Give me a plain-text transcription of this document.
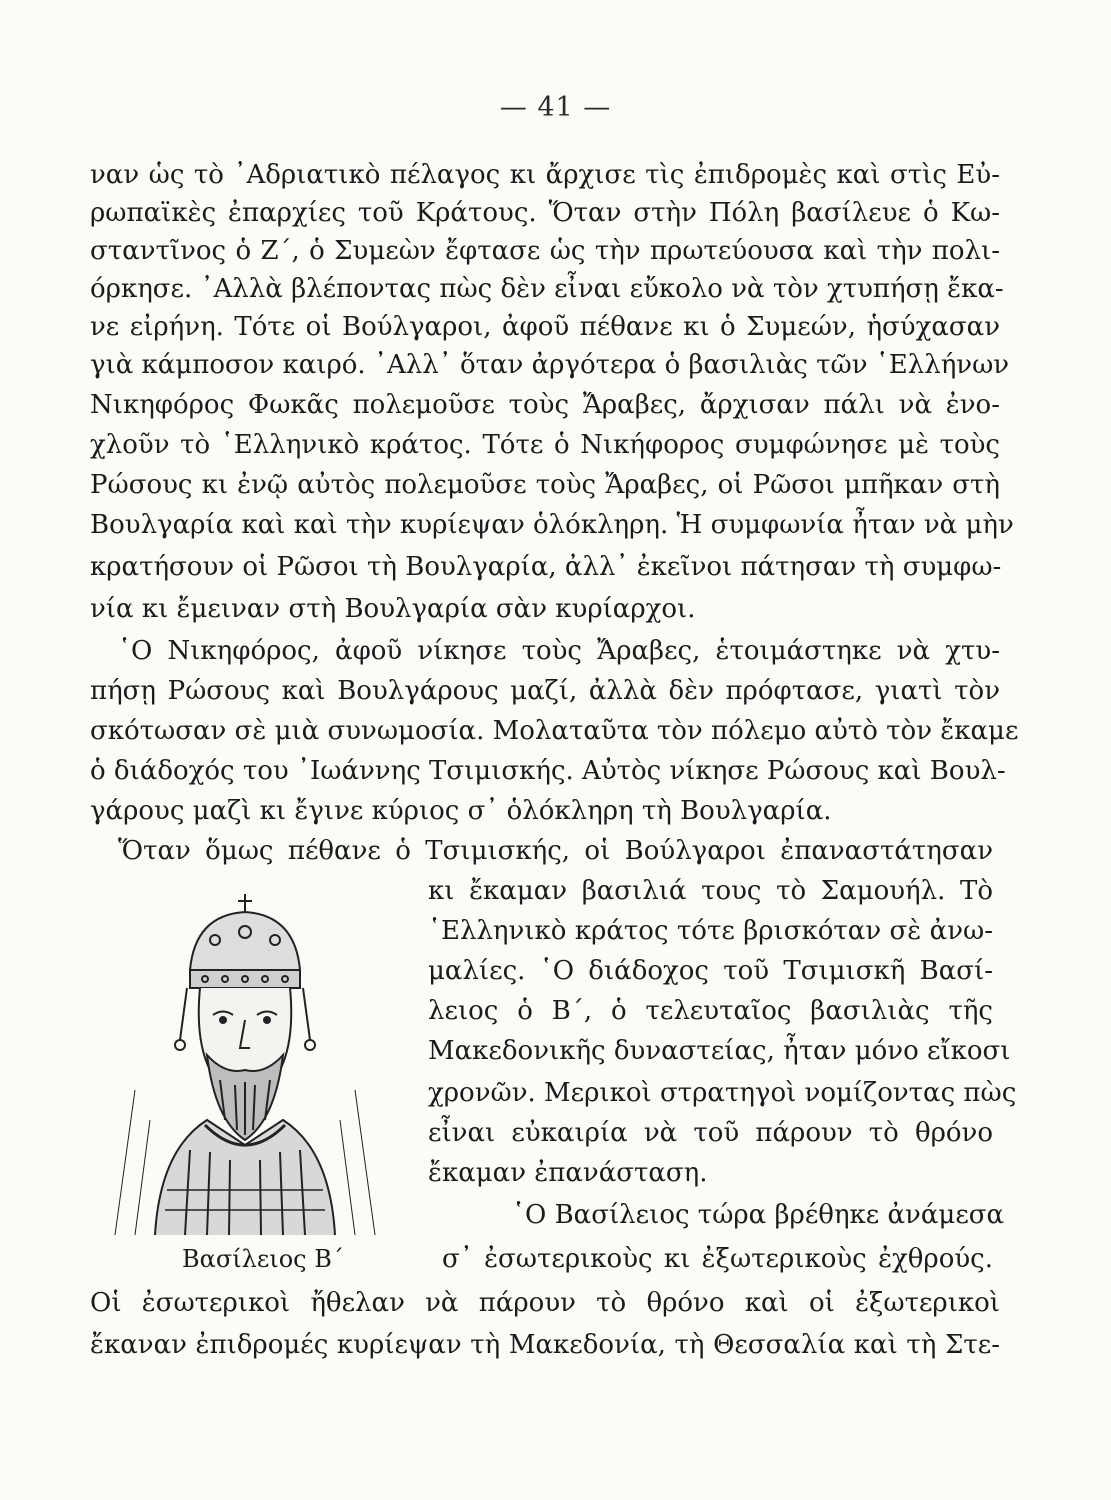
— 41 —

ναν ὡς τὸ ᾿Αδριατικὸ πέλαγος κι ἄρχισε τὶς ἐπιδρομὲς καὶ στὶς Εὐ-

ρωπαϊκὲς ἐπαρχίες τοῦ Κράτους. Ὅταν στὴν Πόλη βασίλευε ὁ Κω-

σταντῖνος ὁ Ζ΄, ὁ Συμεὼν ἔφτασε ὡς τὴν πρωτεύουσα καὶ τὴν πολι-

όρκησε. ᾿Αλλὰ βλέποντας πὼς δὲν εἶναι εὔκολο νὰ τὸν χτυπήσῃ ἔκα-

νε εἰρήνη. Τότε οἱ Βούλγαροι, ἀφοῦ πέθανε κι ὁ Συμεών, ἡσύχασαν

γιὰ κάμποσον καιρό. ᾿Αλλ᾿ ὅταν ἀργότερα ὁ βασιλιὰς τῶν ῾Ελλήνων

Νικηφόρος Φωκᾶς πολεμοῦσε τοὺς Ἄραβες, ἄρχισαν πάλι νὰ ἐνο-

χλοῦν τὸ ῾Ελληνικὸ κράτος. Τότε ὁ Νικήφορος συμφώνησε μὲ τοὺς

Ρώσους κι ἐνῷ αὐτὸς πολεμοῦσε τοὺς Ἄραβες, οἱ Ρῶσοι μπῆκαν στὴ

Βουλγαρία καὶ καὶ τὴν κυρίεψαν ὁλόκληρη. Ἡ συμφωνία ἦταν νὰ μὴν

κρατήσουν οἱ Ρῶσοι τὴ Βουλγαρία, ἀλλ᾿ ἐκεῖνοι πάτησαν τὴ συμφω-

νία κι ἔμειναν στὴ Βουλγαρία σὰν κυρίαρχοι.

῾Ο Νικηφόρος, ἀφοῦ νίκησε τοὺς Ἄραβες, ἑτοιμάστηκε νὰ χτυ-

πήσῃ Ρώσους καὶ Βουλγάρους μαζί, ἀλλὰ δὲν πρόφτασε, γιατὶ τὸν

σκότωσαν σὲ μιὰ συνωμοσία. Μολαταῦτα τὸν πόλεμο αὐτὸ τὸν ἔκαμε

ὁ διάδοχός του ᾿Ιωάννης Τσιμισκής. Αὐτὸς νίκησε Ρώσους καὶ Βουλ-

γάρους μαζὶ κι ἔγινε κύριος σ᾿ ὁλόκληρη τὴ Βουλγαρία.

Ὅταν ὅμως πέθανε ὁ Τσιμισκής, οἱ Βούλγαροι ἐπαναστάτησαν

κι ἔκαμαν βασιλιά τους τὸ Σαμουήλ. Τὸ

῾Ελληνικὸ κράτος τότε βρισκόταν σὲ ἀνω-

μαλίες. ῾Ο διάδοχος τοῦ Τσιμισκῆ Βασί-

λειος ὁ Β΄, ὁ τελευταῖος βασιλιὰς τῆς

Μακεδονικῆς δυναστείας, ἦταν μόνο εἴκοσι

χρονῶν. Μερικοὶ στρατηγοὶ νομίζοντας πὼς

εἶναι εὐκαιρία νὰ τοῦ πάρουν τὸ θρόνο

ἔκαμαν ἐπανάσταση.

῾Ο Βασίλειος τώρα βρέθηκε ἀνάμεσα

Βασίλειος Β΄	σ᾿ ἐσωτερικοὺς κι ἐξωτερικοὺς ἐχθρούς.

Οἱ ἐσωτερικοὶ ἤθελαν νὰ πάρουν τὸ θρόνο καὶ οἱ ἐξωτερικοὶ

ἔκαναν ἐπιδρομές κυρίεψαν τὴ Μακεδονία, τὴ Θεσσαλία καὶ τὴ Στε-
